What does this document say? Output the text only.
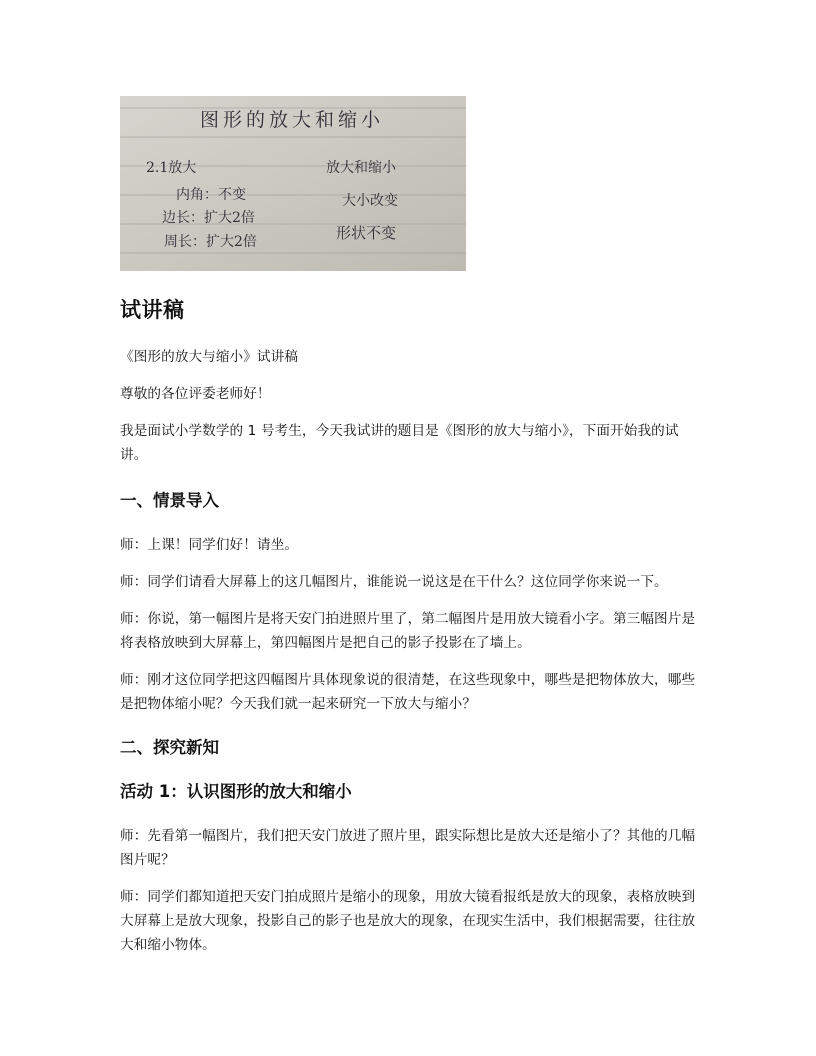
图形的放大和缩小
2.1放大
内角：不变
边长：扩大2倍
周长：扩大2倍
放大和缩小
大小改变
形状不变
试讲稿

《图形的放大与缩小》试讲稿

尊敬的各位评委老师好！

我是面试小学数学的 1 号考生，今天我试讲的题目是《图形的放大与缩小》，下面开始我的试讲。

一、情景导入

师：上课！同学们好！请坐。

师：同学们请看大屏幕上的这几幅图片，谁能说一说这是在干什么？这位同学你来说一下。

师：你说，第一幅图片是将天安门拍进照片里了，第二幅图片是用放大镜看小字。第三幅图片是将表格放映到大屏幕上，第四幅图片是把自己的影子投影在了墙上。

师：刚才这位同学把这四幅图片具体现象说的很清楚，在这些现象中，哪些是把物体放大，哪些是把物体缩小呢？今天我们就一起来研究一下放大与缩小？

二、探究新知
活动 1：认识图形的放大和缩小

师：先看第一幅图片，我们把天安门放进了照片里，跟实际想比是放大还是缩小了？其他的几幅图片呢？

师：同学们都知道把天安门拍成照片是缩小的现象，用放大镜看报纸是放大的现象，表格放映到大屏幕上是放大现象，投影自己的影子也是放大的现象，在现实生活中，我们根据需要，往往放大和缩小物体。
